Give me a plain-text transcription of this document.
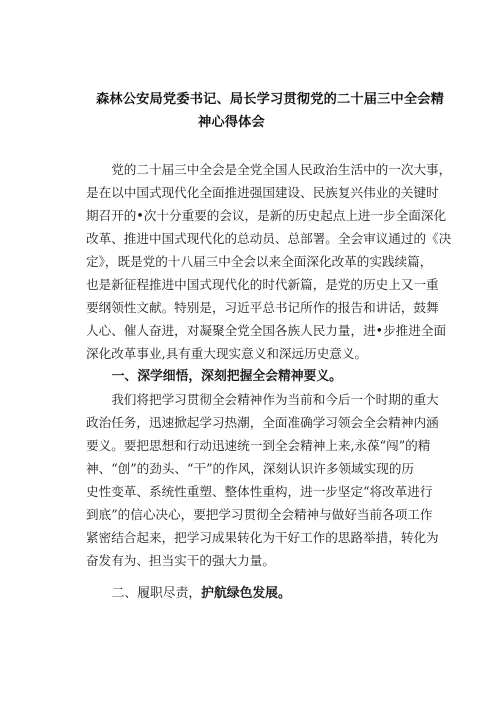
森林公安局党委书记、局长学习贯彻党的二十届三中全会精
神心得体会
党的二十届三中全会是全党全国人民政治生活中的一次大事，
是在以中国式现代化全面推进强国建设、民族复兴伟业的关键时
期召开的•次十分重要的会议，是新的历史起点上进一步全面深化
改革、推进中国式现代化的总动员、总部署。全会审议通过的《决
定》，既是党的十八届三中全会以来全面深化改革的实践续篇，
也是新征程推进中国式现代化的时代新篇，是党的历史上又一重
要纲领性文献。特别是，习近平总书记所作的报告和讲话，鼓舞
人心、催人奋进，对凝聚全党全国各族人民力量，进•步推进全面
深化改革事业,具有重大现实意义和深远历史意义。

一、深学细悟，深刻把握全会精神要义。

我们将把学习贯彻全会精神作为当前和今后一个时期的重大
政治任务，迅速掀起学习热潮，全面准确学习领会全会精神内涵
要义。要把思想和行动迅速统一到全会精神上来,永葆“闯”的精
神、“创”的劲头、“干”的作风，深刻认识许多领域实现的历
史性变革、系统性重塑、整体性重构，进一步坚定“将改革进行
到底”的信心决心，要把学习贯彻全会精神与做好当前各项工作
紧密结合起来，把学习成果转化为干好工作的思路举措，转化为
奋发有为、担当实干的强大力量。

二、履职尽责，护航绿色发展。
